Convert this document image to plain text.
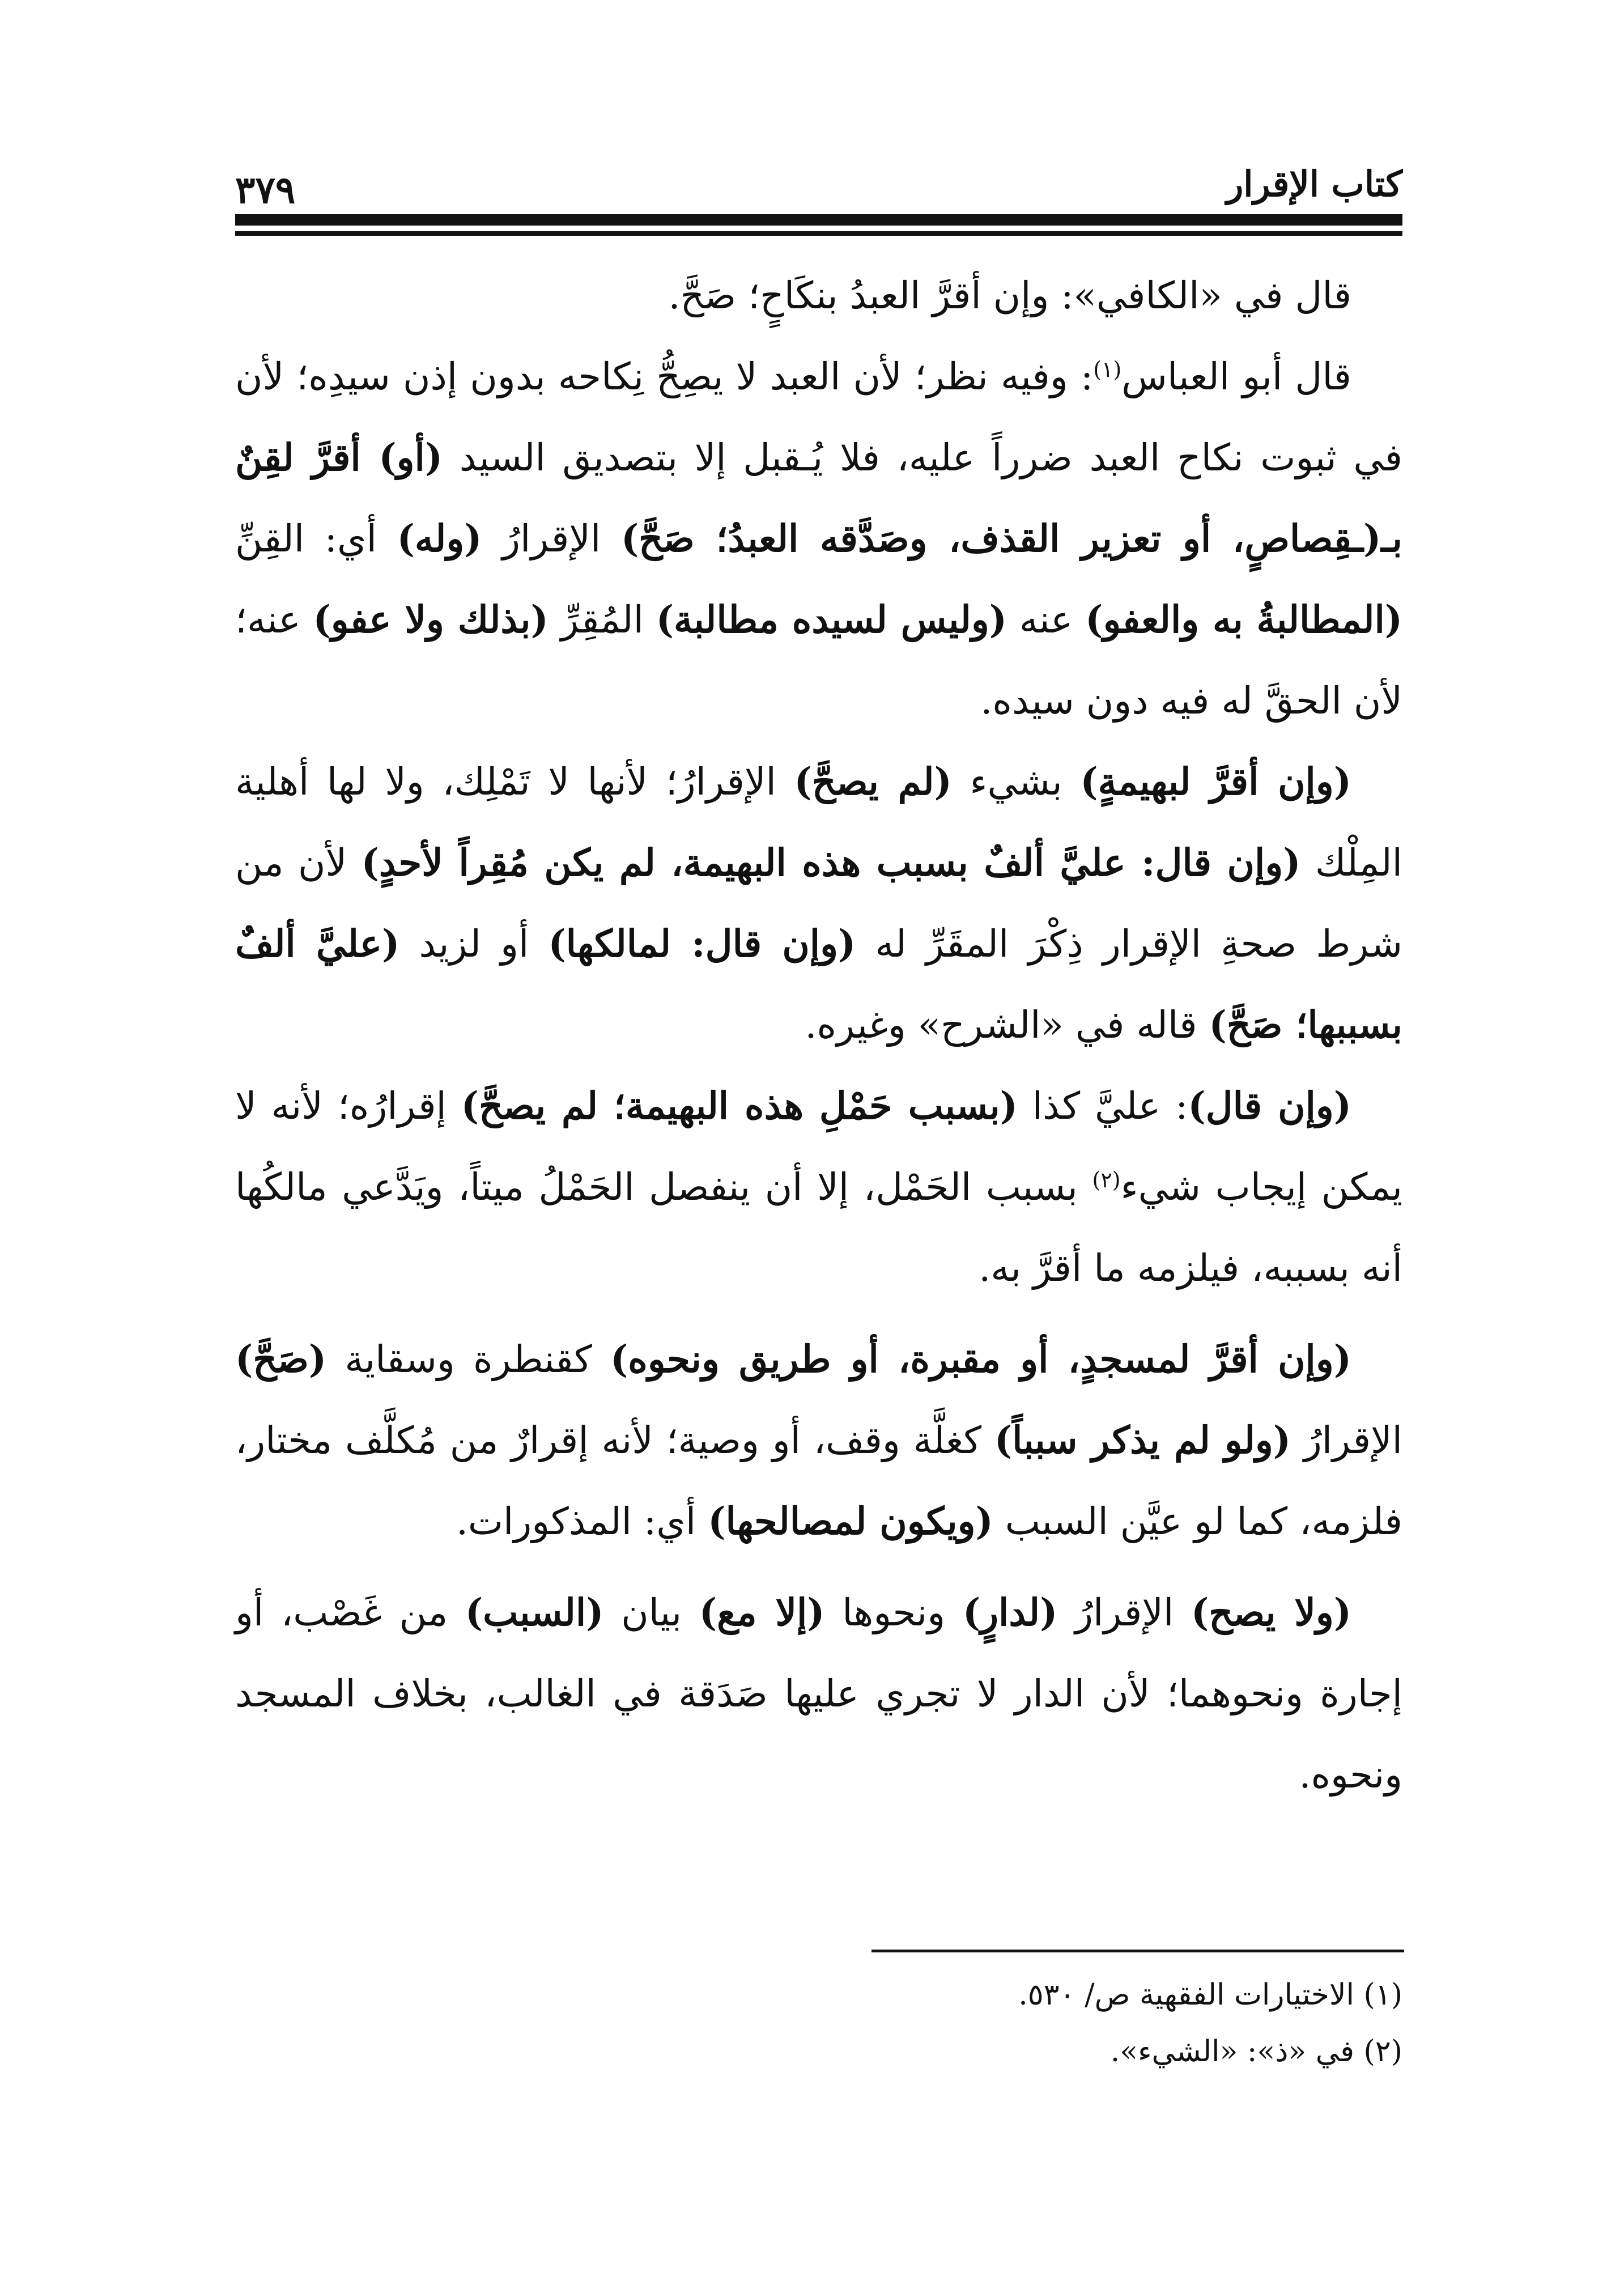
كتاب الإقرار
٣٧٩

قال في «الكافي»: وإن أقرَّ العبدُ بنكَاحٍ؛ صَحَّ.

قال أبو العباس$^{(١)}$: وفيه نظر؛ لأن العبد لا يصِحُّ نِكاحه بدون إذن سيدِه؛ لأن في ثبوت نكاح العبد ضرراً عليه، فلا يُـقبل إلا بتصديق السيد (أو) أقرَّ لقِنٌ بـ(ـقِصاصٍ، أو تعزير القذف، وصَدَّقه العبدُ؛ صَحَّ) الإقرارُ (وله) أي: القِنِّ (المطالبةُ به والعفو) عنه (وليس لسيده مطالبة) المُقِرِّ (بذلك ولا عفو) عنه؛ لأن الحقَّ له فيه دون سيده.

(وإن أقرَّ لبهيمةٍ) بشيء (لم يصحَّ) الإقرارُ؛ لأنها لا تَمْلِك، ولا لها أهلية المِلْك (وإن قال: عليَّ ألفٌ بسبب هذه البهيمة، لم يكن مُقِراً لأحدٍ) لأن من شرط صحةِ الإقرار ذِكْرَ المقَرِّ له (وإن قال: لمالكها) أو لزيد (عليَّ ألفٌ بسببها؛ صَحَّ) قاله في «الشرح» وغيره.

(وإن قال): عليَّ كذا (بسبب حَمْلِ هذه البهيمة؛ لم يصحَّ) إقرارُه؛ لأنه لا يمكن إيجاب شيء$^{(٢)}$ بسبب الحَمْل، إلا أن ينفصل الحَمْلُ ميتاً، ويَدَّعي مالكُها أنه بسببه، فيلزمه ما أقرَّ به.

(وإن أقرَّ لمسجدٍ، أو مقبرة، أو طريق ونحوه) كقنطرة وسقاية (صَحَّ) الإقرارُ (ولو لم يذكر سبباً) كغلَّة وقف، أو وصية؛ لأنه إقرارٌ من مُكلَّف مختار، فلزمه، كما لو عيَّن السبب (ويكون لمصالحها) أي: المذكورات.

(ولا يصح) الإقرارُ (لدارٍ) ونحوها (إلا مع) بيان (السبب) من غَصْب، أو إجارة ونحوهما؛ لأن الدار لا تجري عليها صَدَقة في الغالب، بخلاف المسجد ونحوه.

(١) الاختيارات الفقهية ص/ ٥٣٠.

(٢) في «ذ»: «الشيء».
